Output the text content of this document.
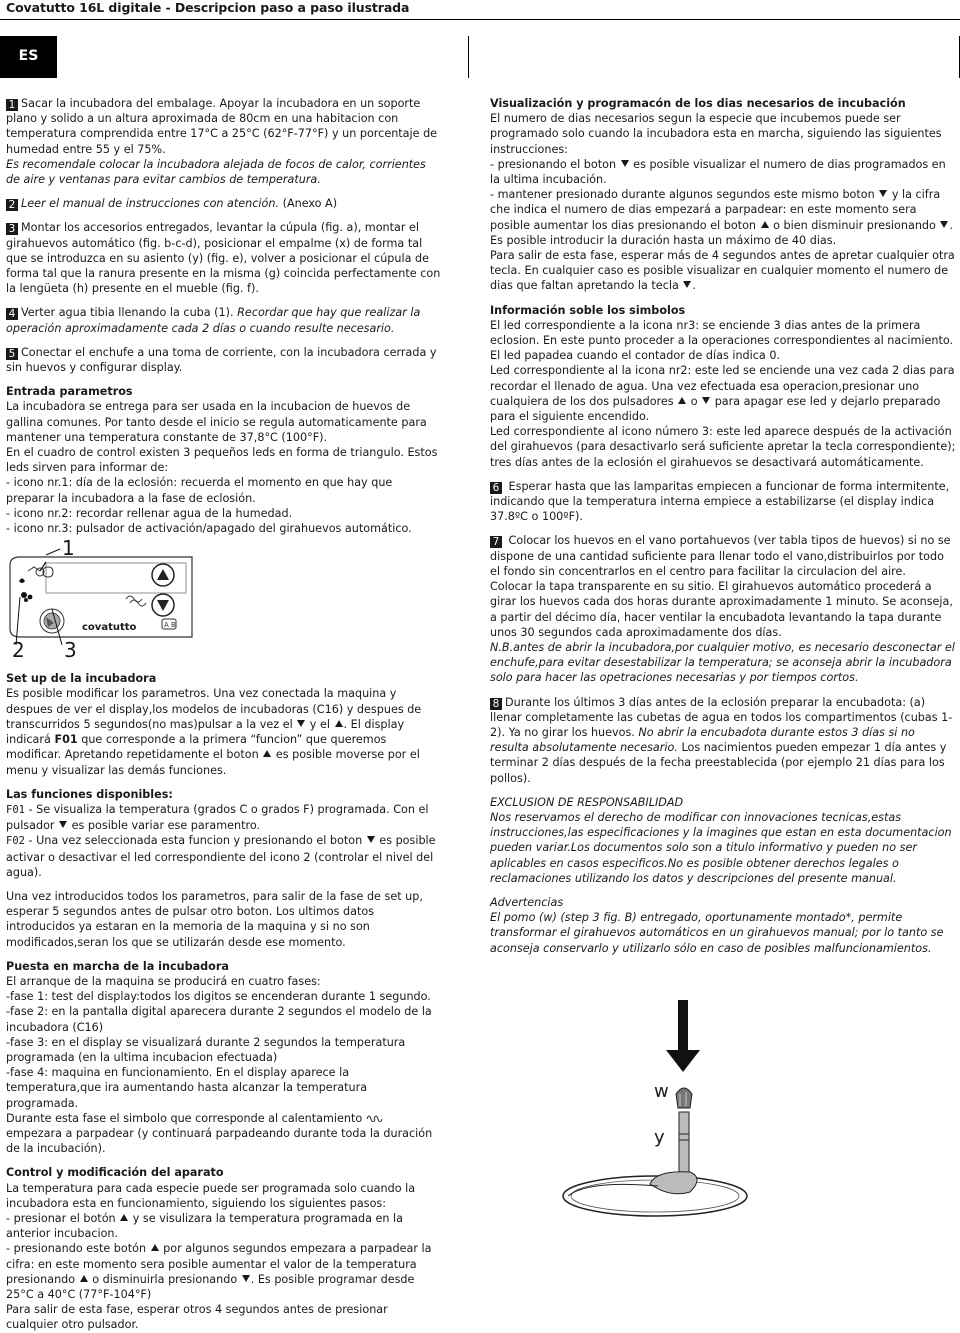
Covatutto 16L digitale - Descripcion paso a paso ilustrada
ES

1 Sacar la incubadora del embalage. Apoyar la incubadora en un soporte plano y solido a un altura aproximada de 80cm en una habitacion con temperatura comprendida entre 17°C a 25°C (62°F-77°F) y un porcentaje de humedad entre 55 y el 75%.
Es recomendale colocar la incubadora alejada de focos de calor, corrientes de aire y ventanas para evitar cambios de temperatura.

2 Leer el manual de instrucciones con atención. (Anexo A)

3 Montar los accesorios entregados, levantar la cúpula (fig. a), montar el girahuevos automático (fig. b-c-d), posicionar el empalme (x) de forma tal que se introduzca en su asiento (y) (fig. e), volver a posicionar el cúpula de forma tal que la ranura presente en la misma (g) coincida perfectamente con la lengüeta (h) presente en el mueble (fig. f).

4 Verter agua tibia llenando la cuba (1). Recordar que hay que realizar la operación aproximadamente cada 2 días o cuando resulte necesario.

5 Conectar el enchufe a una toma de corriente, con la incubadora cerrada y sin huevos y configurar display.

Entrada parametros

La incubadora se entrega para ser usada en la incubacion de huevos de gallina comunes. Por tanto desde el inicio se regula automaticamente para mantener una temperatura constante de 37,8°C (100°F).

En el cuadro de control existen 3 pequeños leds en forma de triangulo. Estos leds sirven para informar de:

- icono nr.1: día de la eclosión: recuerda el momento en que hay que preparar la incubadora a la fase de eclosión.

- icono nr.2: recordar rellenar agua de la humedad.

- icono nr.3: pulsador de activación/apagado del girahuevos automático.

A B
1
2 3
covatutto

Set up de la incubadora

Es posible modificar los parametros. Una vez conectada la maquina y despues de ver el display,los modelos de incubadoras (C16) y despues de transcurridos 5 segundos(no mas)pulsar a la vez el  y el . El display indicará F01 que corresponde a la primera “funcion” que queremos modificar. Apretando repetidamente el boton  es posible moverse por el menu y visualizar las demás funciones.

Las funciones disponibles:

F01 - Se visualiza la temperatura (grados C o grados F) programada. Con el pulsador  es posible variar ese paramentro.

F02 - Una vez seleccionada esta funcion y presionando el boton  es posible activar o desactivar el led correspondiente del icono 2 (controlar el nivel del agua).

Una vez introducidos todos los parametros, para salir de la fase de set up, esperar 5 segundos antes de pulsar otro boton. Los ultimos datos introducidos ya estaran en la memoria de la maquina y si no son modificados,seran los que se utilizarán desde ese momento.

Puesta en marcha de la incubadora

El arranque de la maquina se producirá en cuatro fases:

-fase 1: test del display:todos los digitos se encenderan durante 1 segundo.

-fase 2: en la pantalla digital aparecera durante 2 segundos el modelo de la incubadora (C16)

-fase 3: en el display se visualizará durante 2 segundos la temperatura programada (en la ultima incubacion efectuada)

-fase 4: maquina en funcionamiento. En el display aparece la temperatura,que ira aumentando hasta alcanzar la temperatura programada.

Durante esta fase el simbolo que corresponde al calentamiento  empezara a parpadear (y continuará parpadeando durante toda la duración de la incubación).

Control y modificación del aparato

La temperatura para cada especie puede ser programada solo cuando la incubadora esta en funcionamiento, siguiendo los siguientes pasos:

- presionar el botón  y se visulizara la temperatura programada en la anterior incubacion.

- presionando este botón  por algunos segundos empezara a parpadear la cifra: en este momento sera posible aumentar el valor de la temperatura presionando  o disminuirla presionando . Es posible programar desde 25°C a 40°C (77°F-104°F)

Para salir de esta fase, esperar otros 4 segundos antes de presionar cualquier otro pulsador.

Visualización y programacón de los dias necesarios de incubación

El numero de dias necesarios segun la especie que incubemos puede ser programado solo cuando la incubadora esta en marcha, siguiendo las siguientes instrucciones:

- presionando el boton  es posible visualizar el numero de dias programados en la ultima incubación.

- mantener presionado durante algunos segundos este mismo boton  y la cifra che indica el numero de dias empezará a parpadear: en este momento sera posible aumentar los dias presionando el boton  o bien disminuir presionando .

Es posible introducir la duración hasta un máximo de 40 dias.

Para salir de esta fase, esperar más de 4 segundos antes de apretar cualquier otra tecla. En cualquier caso es posible visualizar en cualquier momento el numero de dias que faltan apretando la tecla .

Información soble los simbolos

El led correspondiente a la icona nr3: se enciende 3 dias antes de la primera eclosion. En este punto proceder a la operaciones correspondientes al nacimiento.

El led papadea cuando el contador de días indica 0.

Led correspondiente al la icona nr2: este led se enciende una vez cada 2 dias para recordar el llenado de agua. Una vez efectuada esa operacion,presionar uno cualquiera de los dos pulsadores  o  para apagar ese led y dejarlo preparado para el siguiente encendido.

Led correspondiente al icono número 3: este led aparece después de la activación del girahuevos (para desactivarlo será suficiente apretar la tecla correspondiente); tres días antes de la eclosión el girahuevos se desactivará automáticamente.

6 Esperar hasta que las lamparitas empiecen a funcionar de forma intermitente, indicando que la temperatura interna empiece a estabilizarse (el display indica 37.8ºC o 100ºF).

7 Colocar los huevos en el vano portahuevos (ver tabla tipos de huevos) si no se dispone de una cantidad suficiente para llenar todo el vano,distribuirlos por todo el fondo sin concentrarlos en el centro para facilitar la circulacion del aire.

Colocar la tapa transparente en su sitio. El girahuevos automático procederá a girar los huevos cada dos horas durante aproximadamente 1 minuto. Se aconseja, a partir del décimo día, hacer ventilar la encubadota levantando la tapa durante unos 30 segundos cada aproximadamente dos días.

N.B.antes de abrir la incubadora,por cualquier motivo, es necesario desconectar el enchufe,para evitar desestabilizar la temperatura; se aconseja abrir la incubadora solo para hacer las opetraciones necesarias y por tiempos cortos.

8 Durante los últimos 3 días antes de la eclosión preparar la encubadota: (a) llenar completamente las cubetas de agua en todos los compartimentos (cubas 1-2). Ya no girar los huevos. No abrir la encubadota durante estos 3 días si no resulta absolutamente necesario. Los nacimientos pueden empezar 1 día antes y terminar 2 días después de la fecha preestablecida (por ejemplo 21 días para los pollos).

EXCLUSION DE RESPONSABILIDAD

Nos reservamos el derecho de modificar con innovaciones tecnicas,estas instrucciones,las especificaciones y la imagines que estan en esta documentacion pueden variar.Los documentos solo son a titulo informativo y pueden no ser aplicables en casos especificos.No es posible obtener derechos legales o reclamaciones utilizando los datos y descripciones del presente manual.

Advertencias

El pomo (w) (step 3 fig. B) entregado, oportunamente montado*, permite transformar el girahuevos automáticos en un girahuevos manual; por lo tanto se aconseja conservarlo y utilizarlo sólo en caso de posibles malfuncionamientos.

w
y
